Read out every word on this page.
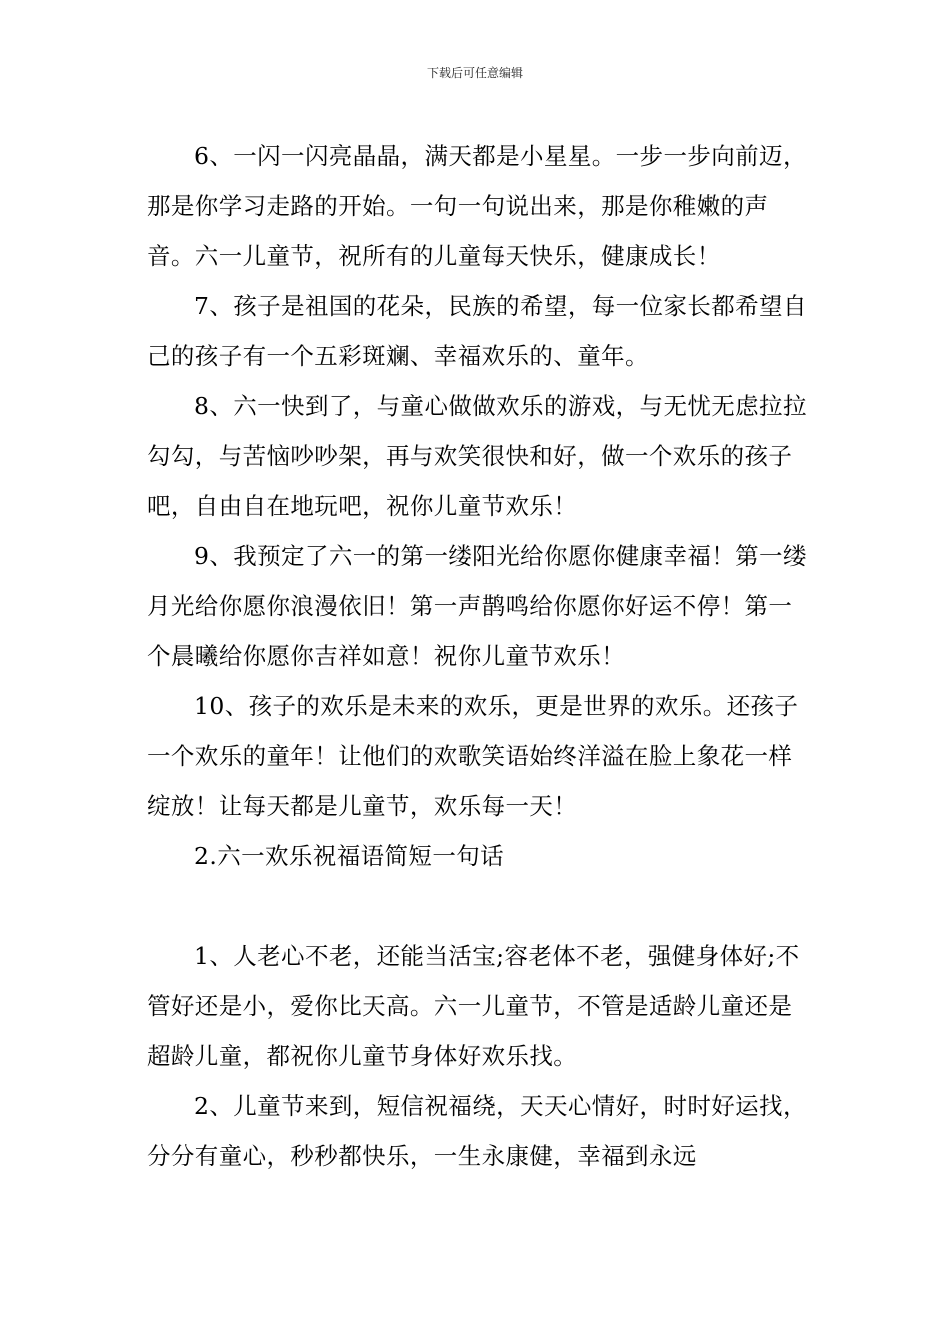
下载后可任意编辑

6、一闪一闪亮晶晶，满天都是小星星。一步一步向前迈，那是你学习走路的开始。一句一句说出来，那是你稚嫩的声音。六一儿童节，祝所有的儿童每天快乐，健康成长！

7、孩子是祖国的花朵，民族的希望，每一位家长都希望自己的孩子有一个五彩斑斓、幸福欢乐的、童年。

8、六一快到了，与童心做做欢乐的游戏，与无忧无虑拉拉勾勾，与苦恼吵吵架，再与欢笑很快和好，做一个欢乐的孩子吧，自由自在地玩吧，祝你儿童节欢乐！

9、我预定了六一的第一缕阳光给你愿你健康幸福！第一缕月光给你愿你浪漫依旧！第一声鹊鸣给你愿你好运不停！第一个晨曦给你愿你吉祥如意！祝你儿童节欢乐！

10、孩子的欢乐是未来的欢乐，更是世界的欢乐。还孩子一个欢乐的童年！让他们的欢歌笑语始终洋溢在脸上象花一样绽放！让每天都是儿童节，欢乐每一天！

2.六一欢乐祝福语简短一句话

1、人老心不老，还能当活宝;容老体不老，强健身体好;不管好还是小，爱你比天高。六一儿童节，不管是适龄儿童还是超龄儿童，都祝你儿童节身体好欢乐找。

2、儿童节来到，短信祝福绕，天天心情好，时时好运找，分分有童心，秒秒都快乐，一生永康健，幸福到永远
